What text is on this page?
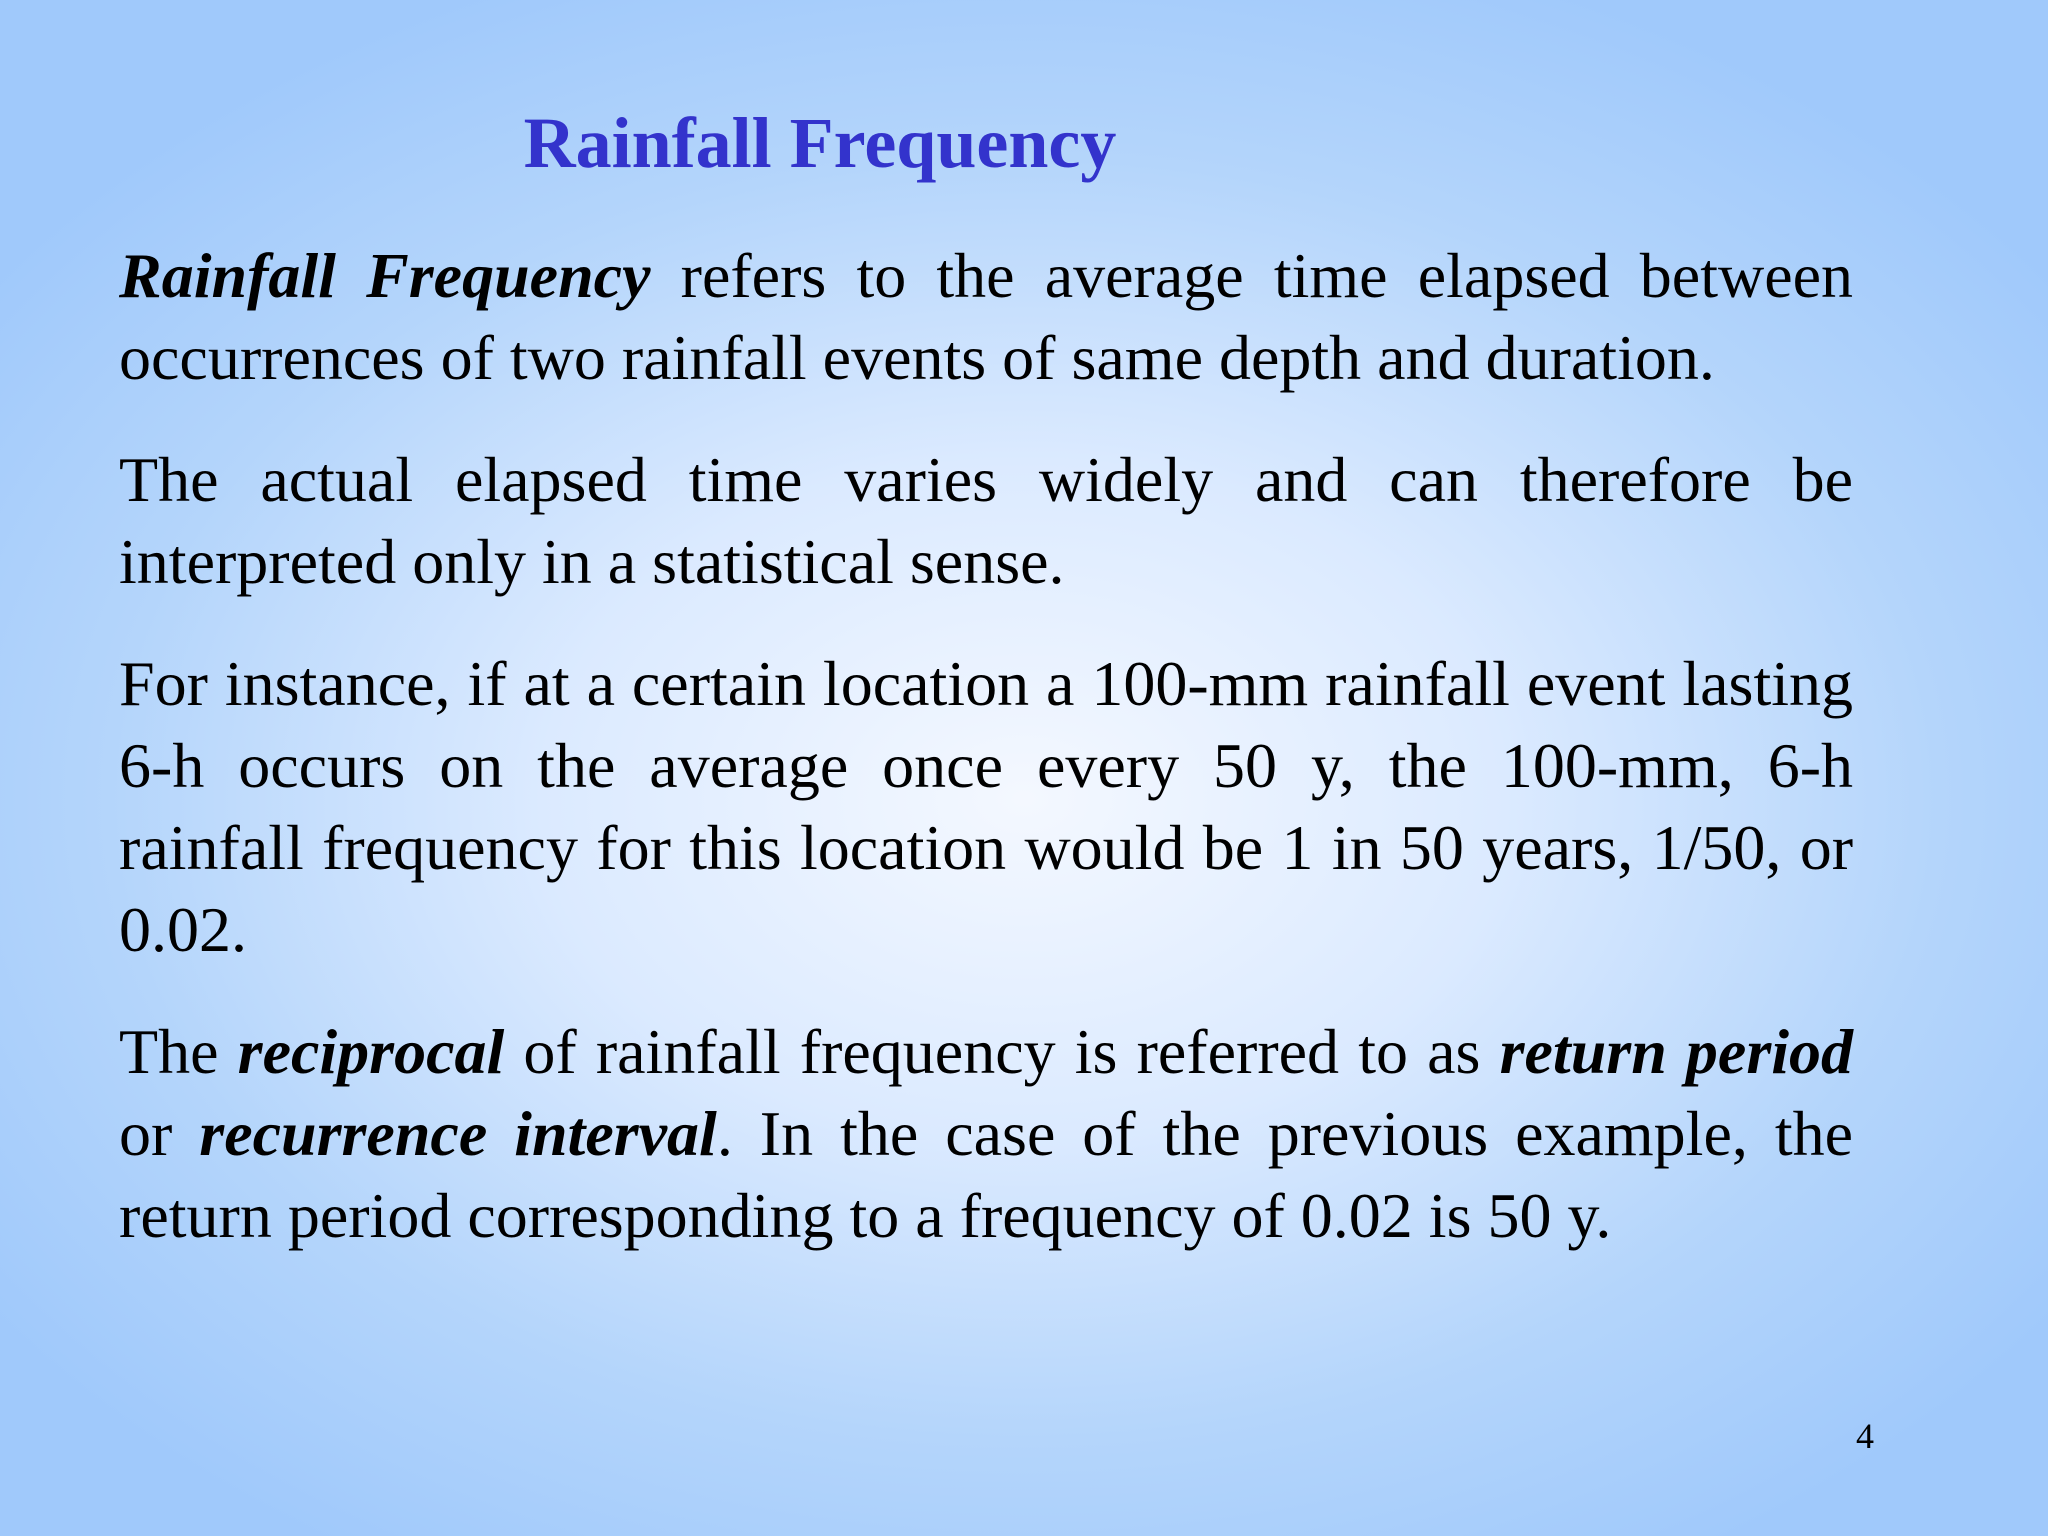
Rainfall Frequency

Rainfall Frequency refers to the average time elapsed between occurrences of two rainfall events of same depth and duration.

The actual elapsed time varies widely and can therefore be interpreted only in a statistical sense.

For instance, if at a certain location a 100-mm rainfall event lasting 6-h occurs on the average once every 50 y, the 100-mm, 6-h rainfall frequency for this location would be 1 in 50 years, 1/50, or 0.02.

The reciprocal of rainfall frequency is referred to as return period or recurrence interval. In the case of the previous example, the return period corresponding to a frequency of 0.02 is 50 y.

4
